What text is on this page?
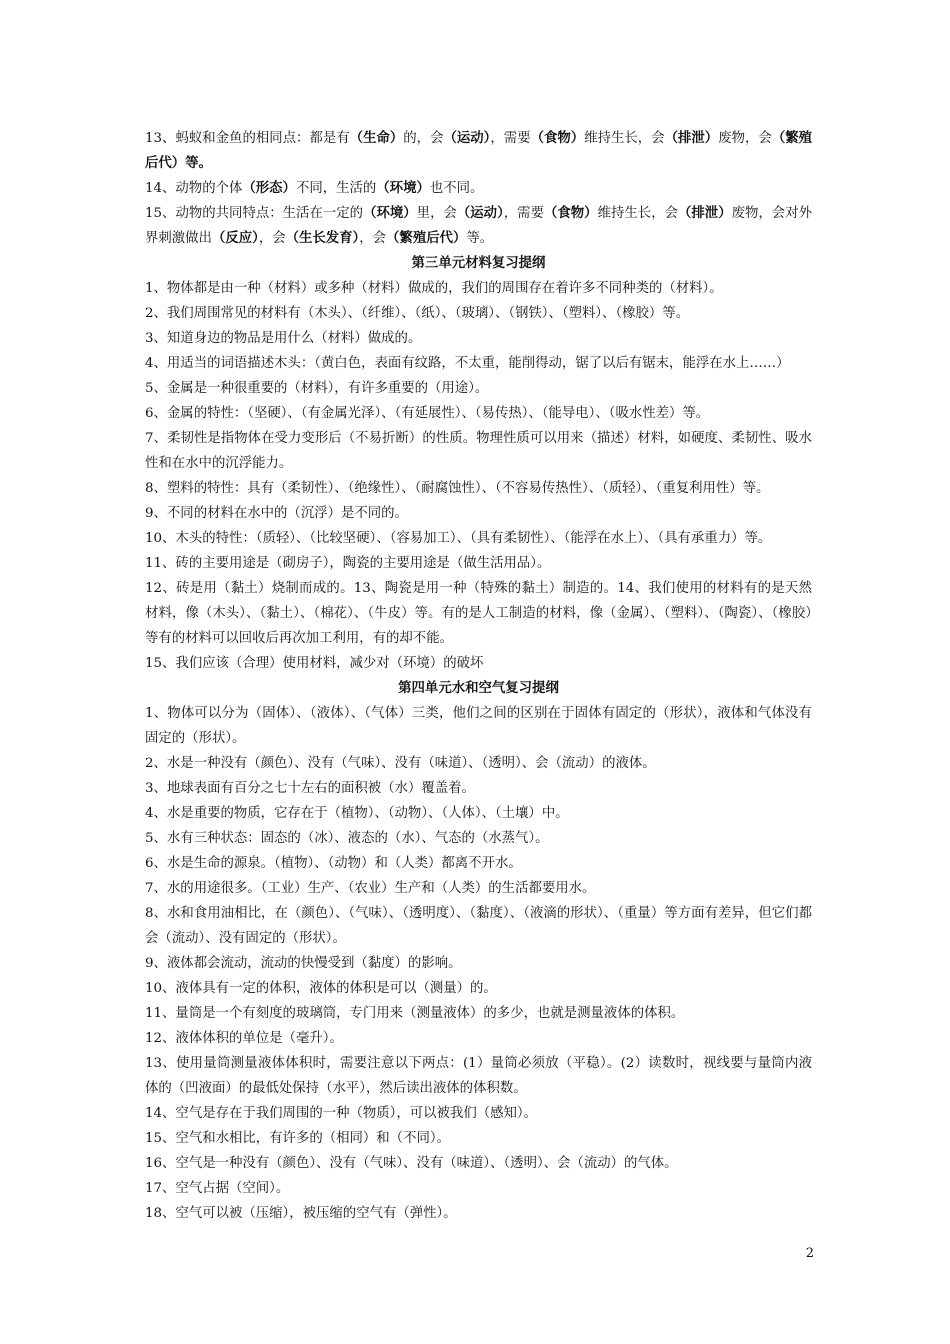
13、蚂蚁和金鱼的相同点：都是有（生命）的，会（运动），需要（食物）维持生长，会（排泄）废物，会（繁殖后代）等。
14、动物的个体（形态）不同，生活的（环境）也不同。
15、动物的共同特点：生活在一定的（环境）里，会（运动），需要（食物）维持生长，会（排泄）废物，会对外界刺激做出（反应），会（生长发育），会（繁殖后代）等。
第三单元材料复习提纲
1、物体都是由一种（材料）或多种（材料）做成的，我们的周围存在着许多不同种类的（材料）。
2、我们周围常见的材料有（木头）、（纤维）、（纸）、（玻璃）、（钢铁）、（塑料）、（橡胶）等。
3、知道身边的物品是用什么（材料）做成的。
4、用适当的词语描述木头：（黄白色，表面有纹路，不太重，能削得动，锯了以后有锯末，能浮在水上……）
5、金属是一种很重要的（材料），有许多重要的（用途）。
6、金属的特性：（坚硬）、（有金属光泽）、（有延展性）、（易传热）、（能导电）、（吸水性差）等。
7、柔韧性是指物体在受力变形后（不易折断）的性质。物理性质可以用来（描述）材料，如硬度、柔韧性、吸水性和在水中的沉浮能力。
8、塑料的特性：具有（柔韧性）、（绝缘性）、（耐腐蚀性）、（不容易传热性）、（质轻）、（重复利用性）等。
9、不同的材料在水中的（沉浮）是不同的。
10、木头的特性：（质轻）、（比较坚硬）、（容易加工）、（具有柔韧性）、（能浮在水上）、（具有承重力）等。
11、砖的主要用途是（砌房子），陶瓷的主要用途是（做生活用品）。
12、砖是用（黏土）烧制而成的。13、陶瓷是用一种（特殊的黏土）制造的。14、我们使用的材料有的是天然材料，像（木头）、（黏土）、（棉花）、（牛皮）等。有的是人工制造的材料，像（金属）、（塑料）、（陶瓷）、（橡胶）等有的材料可以回收后再次加工利用，有的却不能。
15、我们应该（合理）使用材料，减少对（环境）的破坏
第四单元水和空气复习提纲
1、物体可以分为（固体）、（液体）、（气体）三类，他们之间的区别在于固体有固定的（形状），液体和气体没有固定的（形状）。
2、水是一种没有（颜色）、没有（气味）、没有（味道）、（透明）、会（流动）的液体。
3、地球表面有百分之七十左右的面积被（水）覆盖着。
4、水是重要的物质，它存在于（植物）、（动物）、（人体）、（土壤）中。
5、水有三种状态：固态的（冰）、液态的（水）、气态的（水蒸气）。
6、水是生命的源泉。（植物）、（动物）和（人类）都离不开水。
7、水的用途很多。（工业）生产、（农业）生产和（人类）的生活都要用水。
8、水和食用油相比，在（颜色）、（气味）、（透明度）、（黏度）、（液滴的形状）、（重量）等方面有差异，但它们都会（流动）、没有固定的（形状）。
9、液体都会流动，流动的快慢受到（黏度）的影响。
10、液体具有一定的体积，液体的体积是可以（测量）的。
11、量筒是一个有刻度的玻璃筒，专门用来（测量液体）的多少，也就是测量液体的体积。
12、液体体积的单位是（毫升）。
13、使用量筒测量液体体积时，需要注意以下两点：(1）量筒必须放（平稳）。(2）读数时，视线要与量筒内液体的（凹液面）的最低处保持（水平），然后读出液体的体积数。
14、空气是存在于我们周围的一种（物质），可以被我们（感知）。
15、空气和水相比，有许多的（相同）和（不同）。
16、空气是一种没有（颜色）、没有（气味）、没有（味道）、（透明）、会（流动）的气体。
17、空气占据（空间）。
18、空气可以被（压缩），被压缩的空气有（弹性）。
2
